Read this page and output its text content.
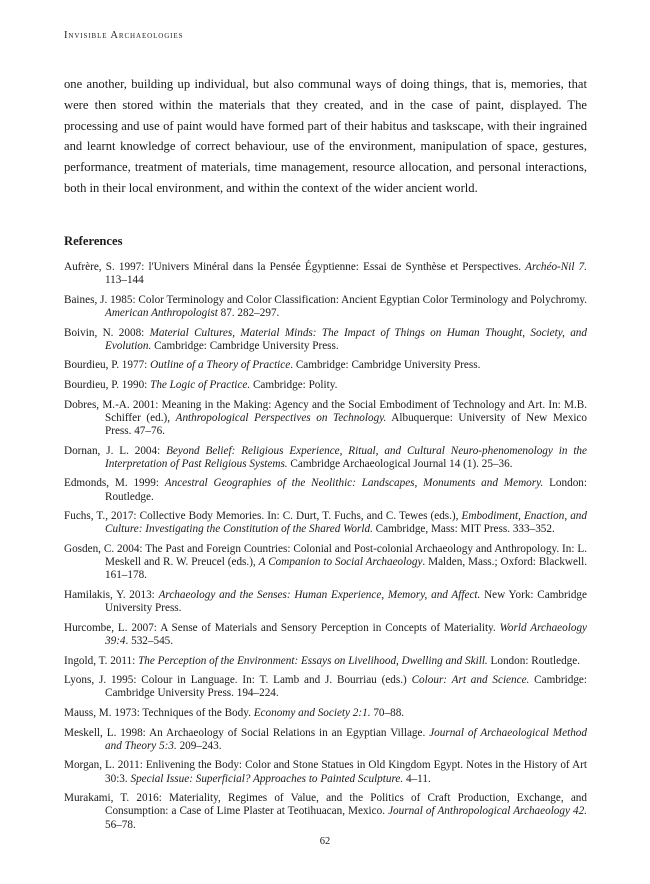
Invisible Archaeologies

one another, building up individual, but also communal ways of doing things, that is, memories, that were then stored within the materials that they created, and in the case of paint, displayed. The processing and use of paint would have formed part of their habitus and taskscape, with their ingrained and learnt knowledge of correct behaviour, use of the environment, manipulation of space, gestures, performance, treatment of materials, time management, resource allocation, and personal interactions, both in their local environment, and within the context of the wider ancient world.

References
Aufrère, S. 1997: l'Univers Minéral dans la Pensée Égyptienne: Essai de Synthèse et Perspectives. Archéo-Nil 7. 113–144
Baines, J. 1985: Color Terminology and Color Classification: Ancient Egyptian Color Terminology and Polychromy. American Anthropologist 87. 282–297.
Boivin, N. 2008: Material Cultures, Material Minds: The Impact of Things on Human Thought, Society, and Evolution. Cambridge: Cambridge University Press.
Bourdieu, P. 1977: Outline of a Theory of Practice. Cambridge: Cambridge University Press.
Bourdieu, P. 1990: The Logic of Practice. Cambridge: Polity.
Dobres, M.-A. 2001: Meaning in the Making: Agency and the Social Embodiment of Technology and Art. In: M.B. Schiffer (ed.), Anthropological Perspectives on Technology. Albuquerque: University of New Mexico Press. 47–76.
Dornan, J. L. 2004: Beyond Belief: Religious Experience, Ritual, and Cultural Neuro-phenomenology in the Interpretation of Past Religious Systems. Cambridge Archaeological Journal 14 (1). 25–36.
Edmonds, M. 1999: Ancestral Geographies of the Neolithic: Landscapes, Monuments and Memory. London: Routledge.
Fuchs, T., 2017: Collective Body Memories. In: C. Durt, T. Fuchs, and C. Tewes (eds.), Embodiment, Enaction, and Culture: Investigating the Constitution of the Shared World. Cambridge, Mass: MIT Press. 333–352.
Gosden, C. 2004: The Past and Foreign Countries: Colonial and Post-colonial Archaeology and Anthropology. In: L. Meskell and R. W. Preucel (eds.), A Companion to Social Archaeology. Malden, Mass.; Oxford: Blackwell. 161–178.
Hamilakis, Y. 2013: Archaeology and the Senses: Human Experience, Memory, and Affect. New York: Cambridge University Press.
Hurcombe, L. 2007: A Sense of Materials and Sensory Perception in Concepts of Materiality. World Archaeology 39:4. 532–545.
Ingold, T. 2011: The Perception of the Environment: Essays on Livelihood, Dwelling and Skill. London: Routledge.
Lyons, J. 1995: Colour in Language. In: T. Lamb and J. Bourriau (eds.) Colour: Art and Science. Cambridge: Cambridge University Press. 194–224.
Mauss, M. 1973: Techniques of the Body. Economy and Society 2:1. 70–88.
Meskell, L. 1998: An Archaeology of Social Relations in an Egyptian Village. Journal of Archaeological Method and Theory 5:3. 209–243.
Morgan, L. 2011: Enlivening the Body: Color and Stone Statues in Old Kingdom Egypt. Notes in the History of Art 30:3. Special Issue: Superficial? Approaches to Painted Sculpture. 4–11.
Murakami, T. 2016: Materiality, Regimes of Value, and the Politics of Craft Production, Exchange, and Consumption: a Case of Lime Plaster at Teotihuacan, Mexico. Journal of Anthropological Archaeology 42. 56–78.
62
